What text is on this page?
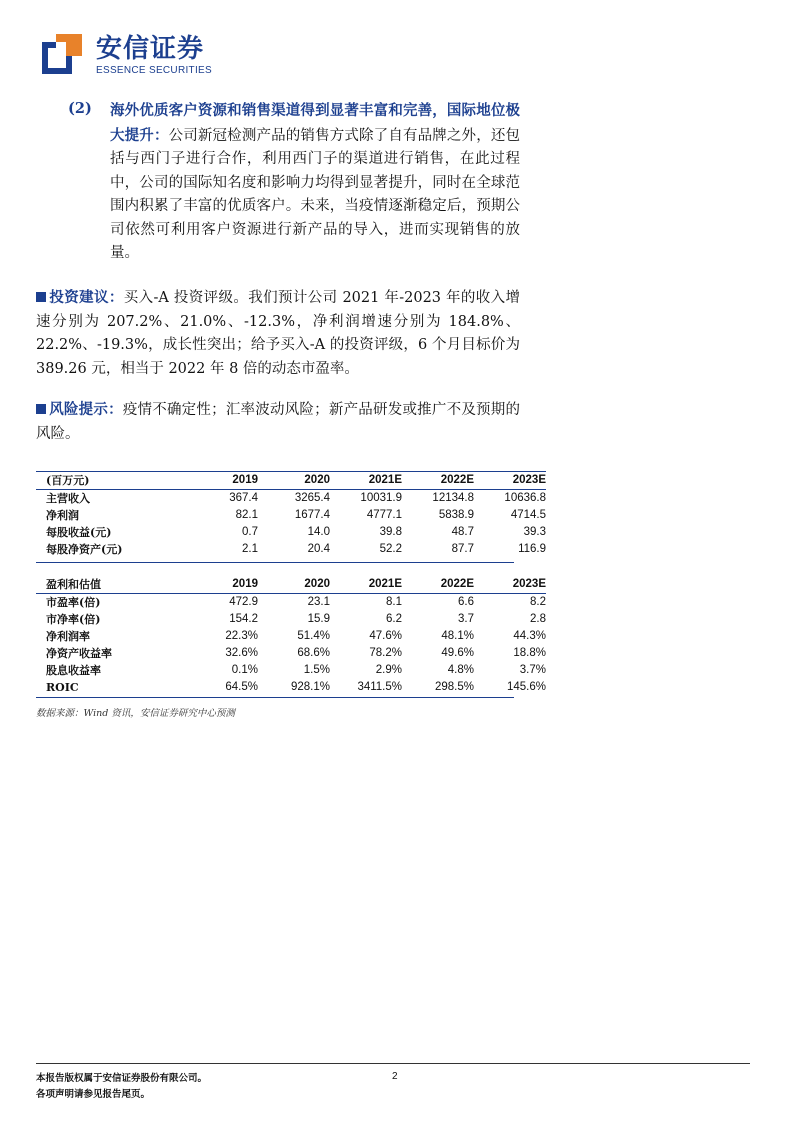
安信证券
ESSENCE SECURITIES
(2) 海外优质客户资源和销售渠道得到显著丰富和完善，国际地位极大提升：公司新冠检测产品的销售方式除了自有品牌之外，还包括与西门子进行合作，利用西门子的渠道进行销售，在此过程中，公司的国际知名度和影响力均得到显著提升，同时在全球范围内积累了丰富的优质客户。未来，当疫情逐渐稳定后，预期公司依然可利用客户资源进行新产品的导入，进而实现销售的放量。
投资建议：买入-A 投资评级。我们预计公司 2021 年-2023 年的收入增速分别为 207.2%、21.0%、-12.3%，净利润增速分别为 184.8%、22.2%、-19.3%，成长性突出；给予买入-A 的投资评级，6 个月目标价为 389.26 元，相当于 2022 年 8 倍的动态市盈率。
风险提示：疫情不确定性；汇率波动风险；新产品研发或推广不及预期的风险。
(百万元)	2019	2020	2021E	2022E	2023E
主营收入	367.4	3265.4	10031.9	12134.8	10636.8
净利润	82.1	1677.4	4777.1	5838.9	4714.5
每股收益(元)	0.7	14.0	39.8	48.7	39.3
每股净资产(元)	2.1	20.4	52.2	87.7	116.9
盈利和估值	2019	2020	2021E	2022E	2023E
市盈率(倍)	472.9	23.1	8.1	6.6	8.2
市净率(倍)	154.2	15.9	6.2	3.7	2.8
净利润率	22.3%	51.4%	47.6%	48.1%	44.3%
净资产收益率	32.6%	68.6%	78.2%	49.6%	18.8%
股息收益率	0.1%	1.5%	2.9%	4.8%	3.7%
ROIC	64.5%	928.1%	3411.5%	298.5%	145.6%
数据来源：Wind 资讯，安信证券研究中心预测
本报告版权属于安信证券股份有限公司。
各项声明请参见报告尾页。
2
